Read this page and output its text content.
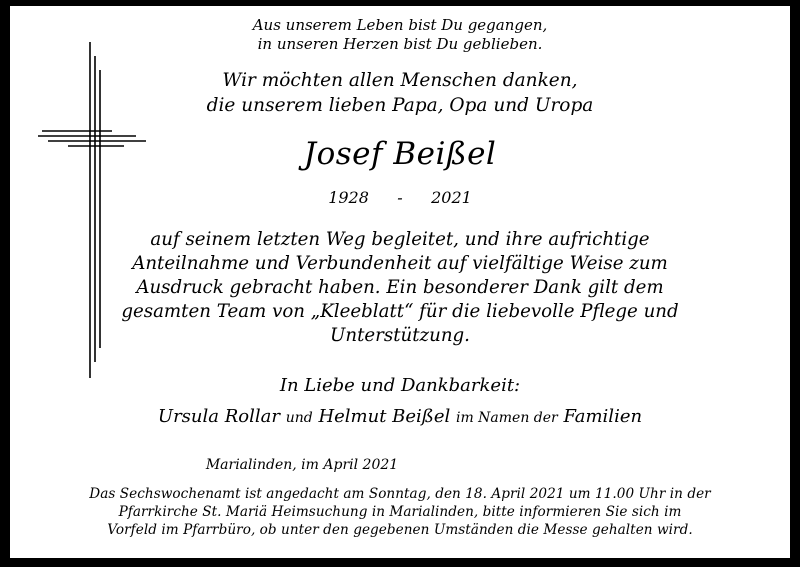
Aus unserem Leben bist Du gegangen,
in unseren Herzen bist Du geblieben.
Wir möchten allen Menschen danken,
die unserem lieben Papa, Opa und Uropa
Josef Beißel
1928 - 2021
auf seinem letzten Weg begleitet, und ihre aufrichtige
Anteilnahme und Verbundenheit auf vielfältige Weise zum
Ausdruck gebracht haben. Ein besonderer Dank gilt dem
gesamten Team von „Kleeblatt“ für die liebevolle Pflege und
Unterstützung.
In Liebe und Dankbarkeit:
Ursula Rollar und Helmut Beißel im Namen der Familien
Marialinden, im April 2021
Das Sechswochenamt ist angedacht am Sonntag, den 18. April 2021 um 11.00 Uhr in der
Pfarrkirche St. Mariä Heimsuchung in Marialinden, bitte informieren Sie sich im
Vorfeld im Pfarrbüro, ob unter den gegebenen Umständen die Messe gehalten wird.
